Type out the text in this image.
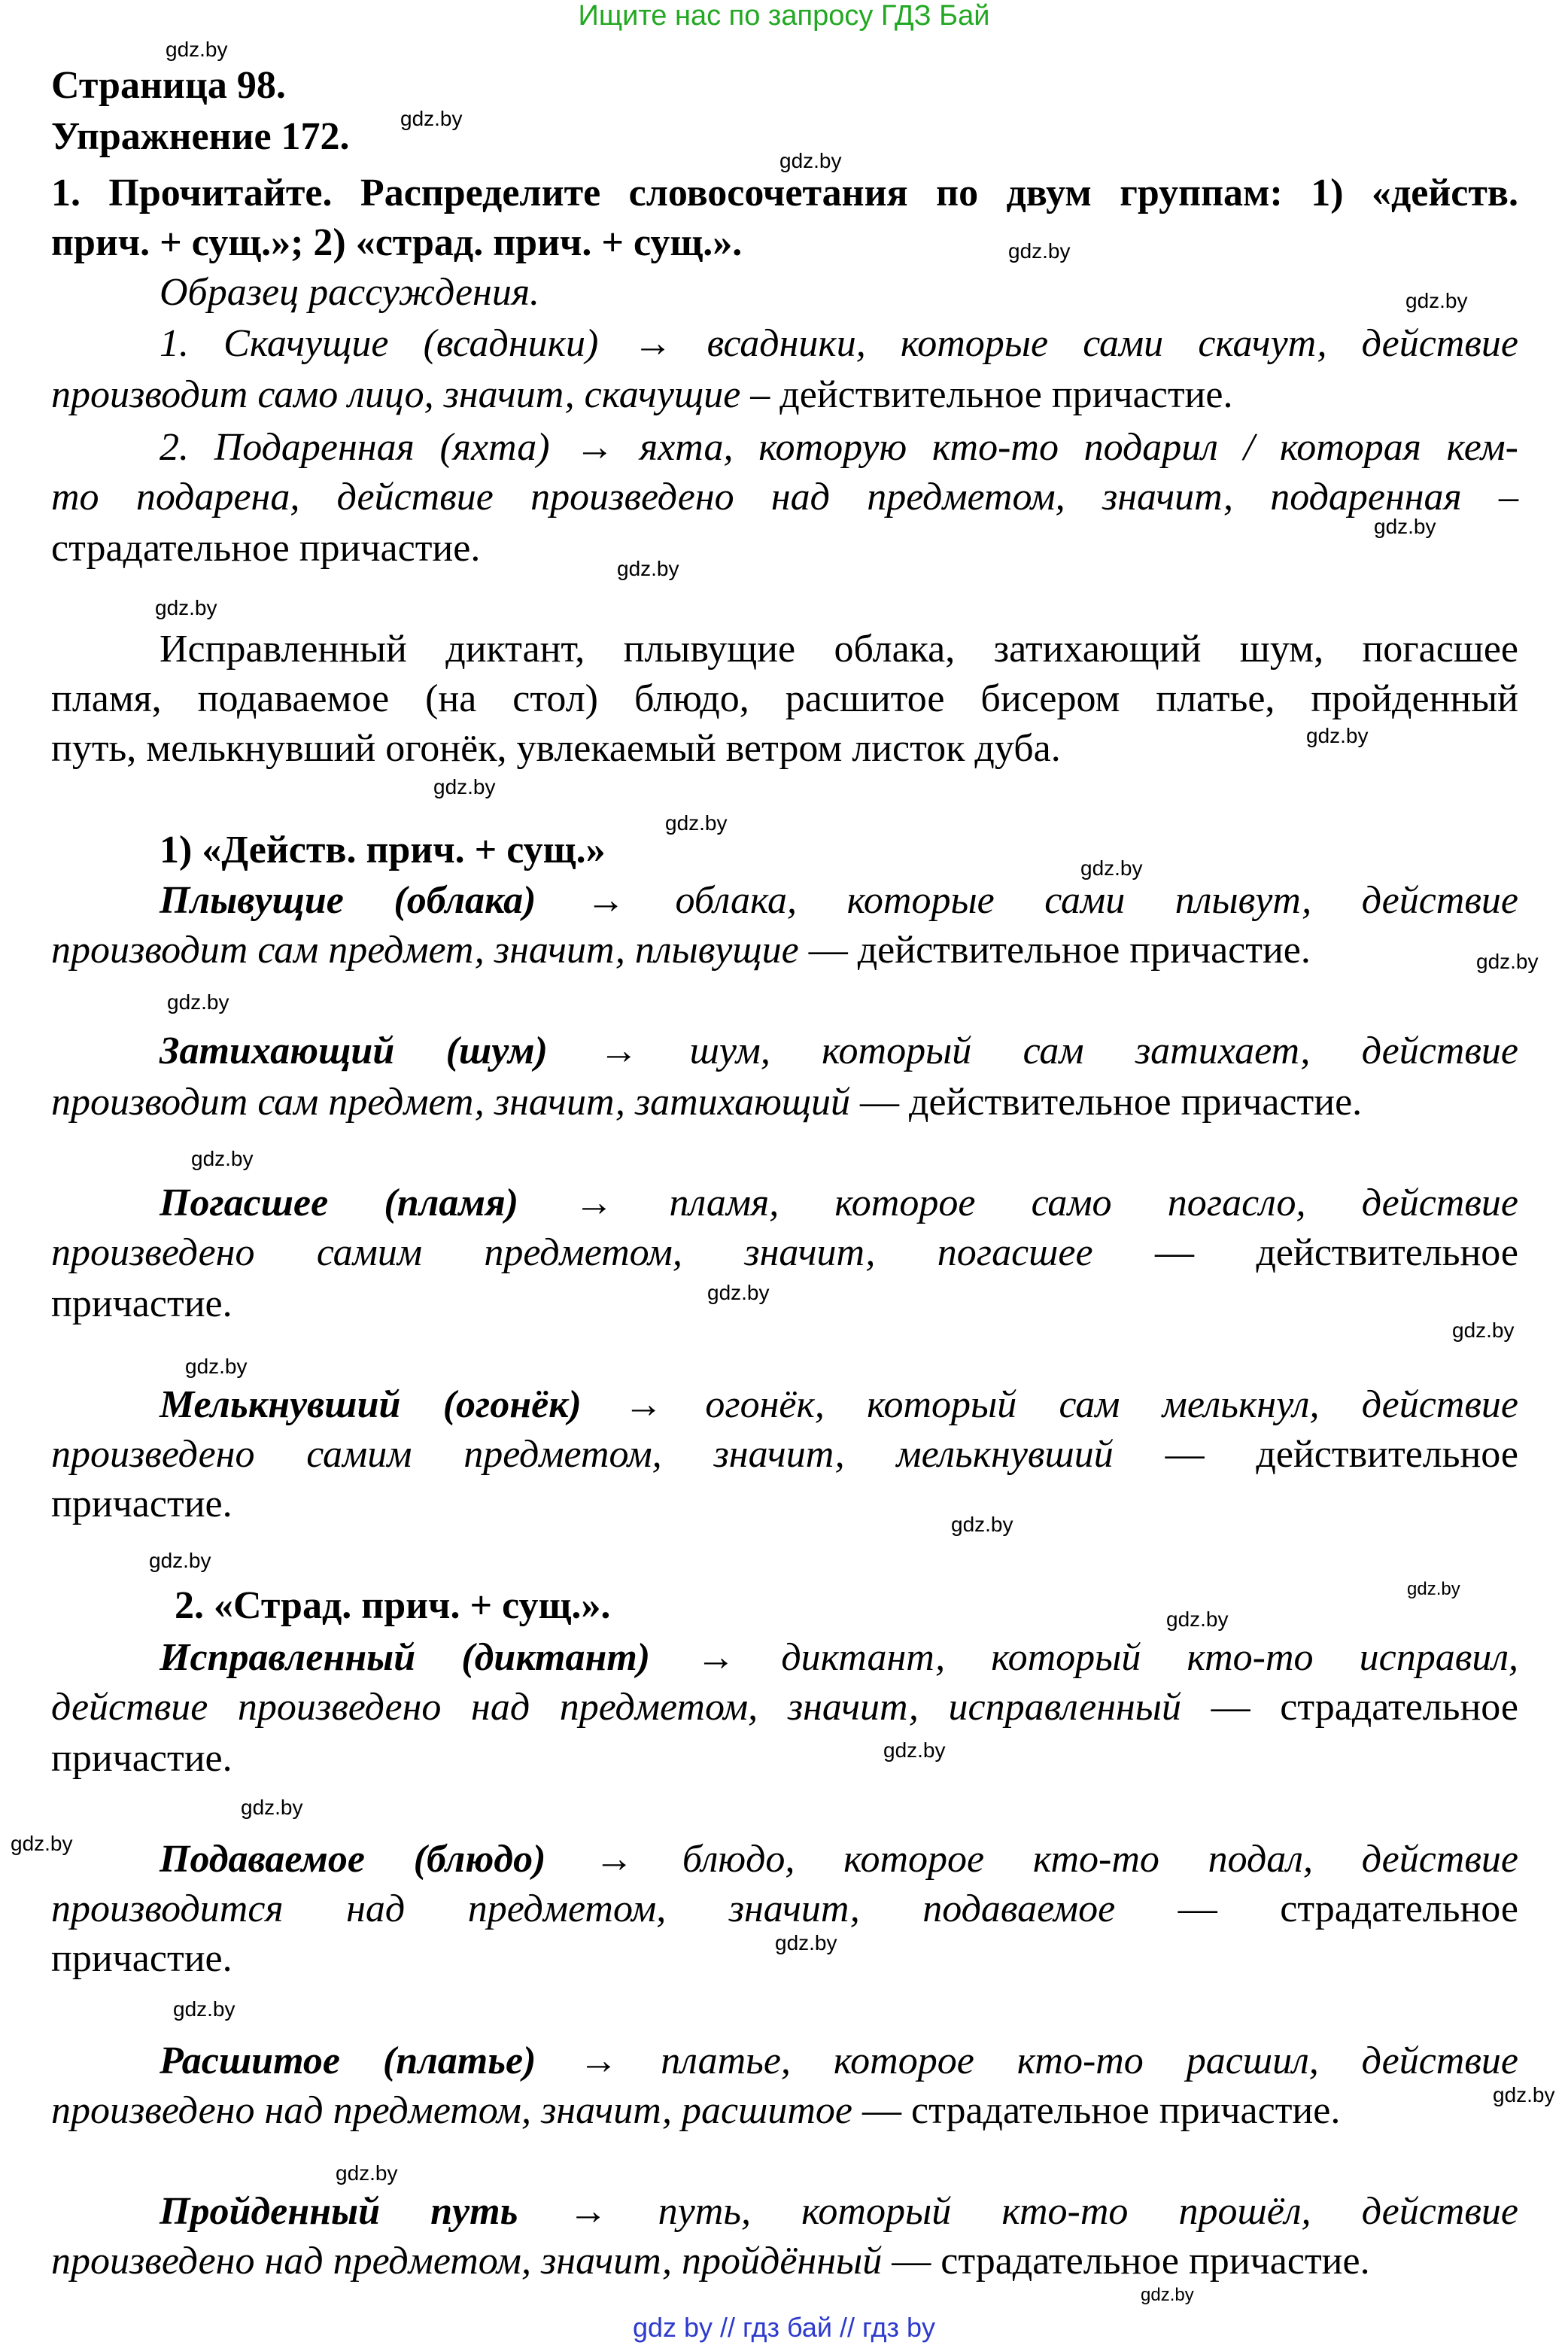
Ищите нас по запросу ГДЗ Бай
Страница 98.
Упражнение 172.
1. Прочитайте. Распределите словосочетания по двум группам: 1) «действ.
прич. + сущ.»; 2) «страд. прич. + сущ.».
Образец рассуждения.
1. Скачущие (всадники) → всадники, которые сами скачут, действие
производит само лицо, значит, скачущие – действительное причастие.
2. Подаренная (яхта) → яхта, которую кто-то подарил / которая кем-
то подарена, действие произведено над предметом, значит, подаренная –
страдательное причастие.
Исправленный диктант, плывущие облака, затихающий шум, погасшее
пламя, подаваемое (на стол) блюдо, расшитое бисером платье, пройденный
путь, мелькнувший огонёк, увлекаемый ветром листок дуба.
1) «Действ. прич. + сущ.»
Плывущие (облака) → облака, которые сами плывут, действие
производит сам предмет, значит, плывущие — действительное причастие.
Затихающий (шум) → шум, который сам затихает, действие
производит сам предмет, значит, затихающий — действительное причастие.
Погасшее (пламя) → пламя, которое само погасло, действие
произведено самим предметом, значит, погасшее — действительное
причастие.
Мелькнувший (огонёк) → огонёк, который сам мелькнул, действие
произведено самим предметом, значит, мелькнувший — действительное
причастие.
2. «Страд. прич. + сущ.».
Исправленный (диктант) → диктант, который кто-то исправил,
действие произведено над предметом, значит, исправленный — страдательное
причастие.
Подаваемое (блюдо) → блюдо, которое кто-то подал, действие
производится над предметом, значит, подаваемое — страдательное
причастие.
Расшитое (платье) → платье, которое кто-то расшил, действие
произведено над предметом, значит, расшитое — страдательное причастие.
Пройденный путь → путь, который кто-то прошёл, действие
произведено над предметом, значит, пройдённый — страдательное причастие.
gdz.by
gdz.by
gdz.by
gdz.by
gdz.by
gdz.by
gdz.by
gdz.by
gdz.by
gdz.by
gdz.by
gdz.by
gdz.by
gdz.by
gdz.by
gdz.by
gdz.by
gdz.by
gdz.by
gdz.by
gdz.by
gdz.by
gdz.by
gdz.by
gdz.by
gdz.by
gdz.by
gdz.by
gdz.by
gdz.by
gdz by // гдз бай // гдз by
